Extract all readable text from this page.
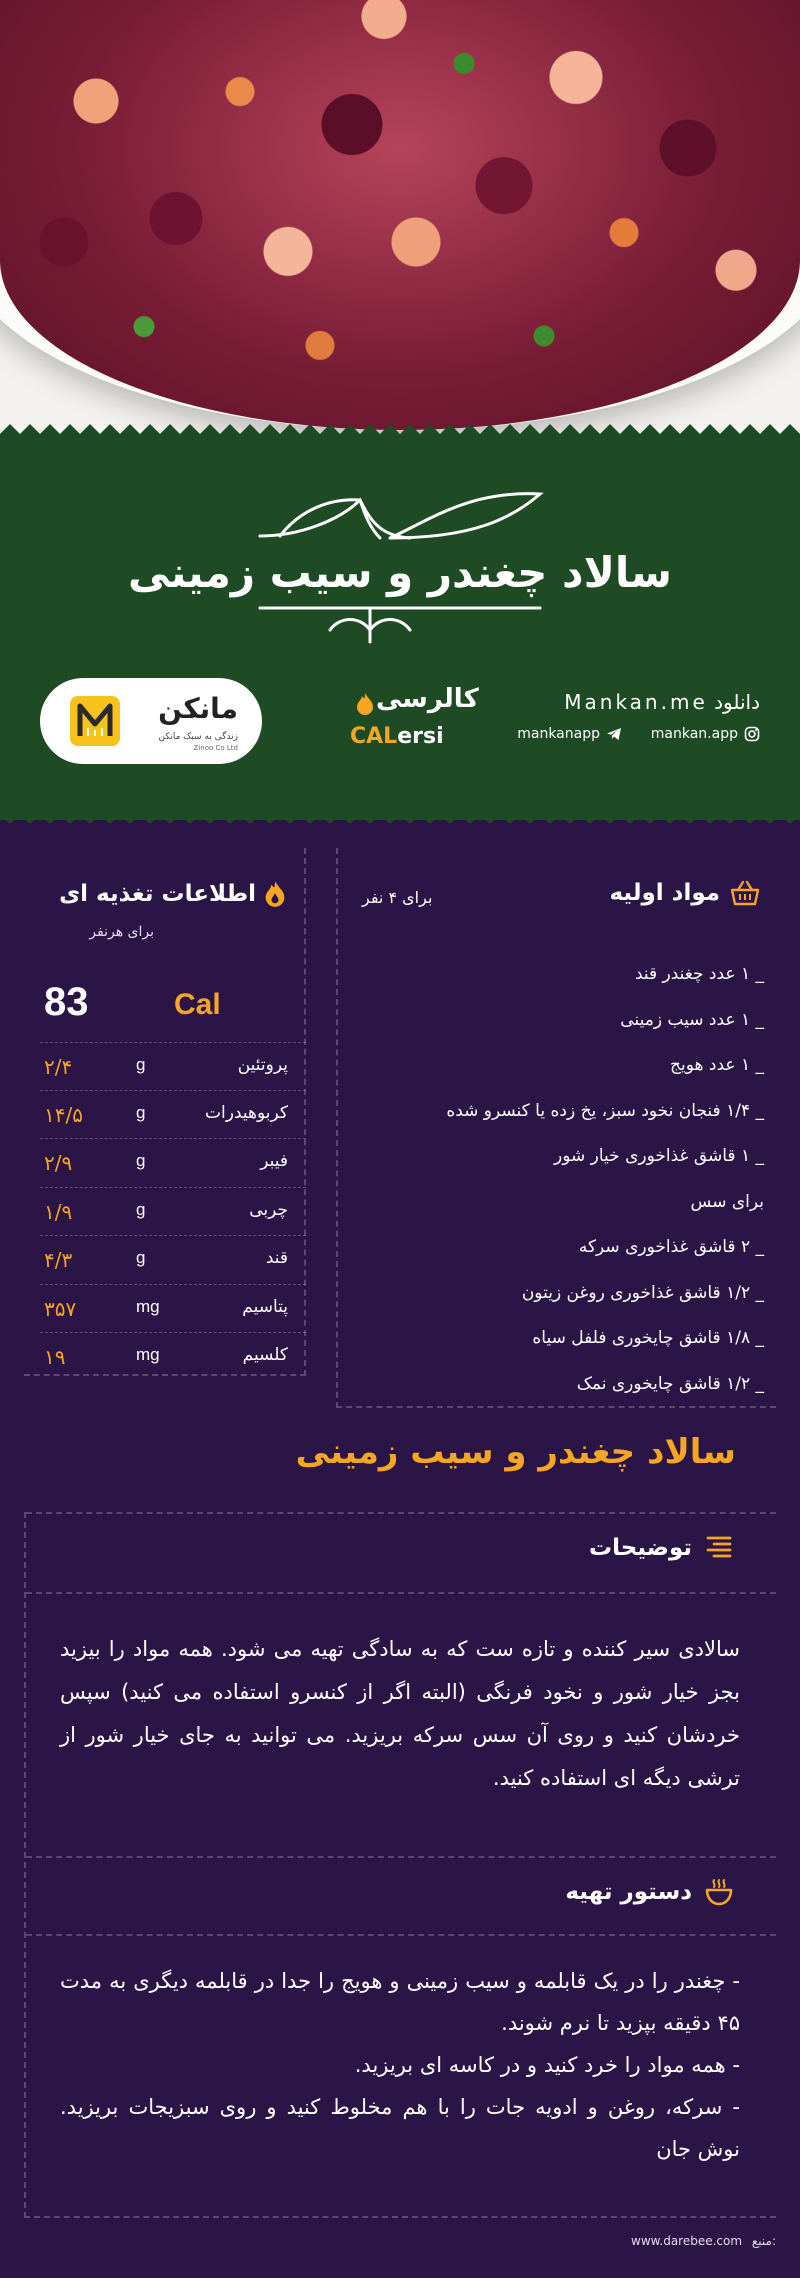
سالاد چغندر و سیب زمینی
مانکن
زندگی به سبک مانکن
Zinoo Co Ltd
کالرسی
CALersi
دانلود Mankan.me
mankan.app
mankanapp
مواد اولیه
برای ۴ نفر
_ ۱ عدد چغندر قند
_ ۱ عدد سیب زمینی
_ ۱ عدد هویج
_ ۱/۴ فنجان نخود سبز، یخ زده یا کنسرو شده
_ ۱ قاشق غذاخوری خیار شور
برای سس
_ ۲ قاشق غذاخوری سرکه
_ ۱/۲ قاشق غذاخوری روغن زیتون
_ ۱/۸ قاشق چایخوری فلفل سیاه
_ ۱/۲ قاشق چایخوری نمک
اطلاعات تغذیه ای
برای هرنفر
83	Cal
۲/۴	g	پروتئین
۱۴/۵	g	کربوهیدرات
۲/۹	g	فیبر
۱/۹	g	چربی
۴/۳	g	قند
۳۵۷	mg	پتاسیم
۱۹	mg	کلسیم
سالاد چغندر و سیب زمینی
توضیحات
سالادی سیر کننده و تازه ست که به سادگی تهیه می شود. همه مواد را بیزید بجز خیار شور و نخود فرنگی (البته اگر از کنسرو استفاده می کنید) سپس خردشان کنید و روی آن سس سرکه بریزید. می توانید به جای خیار شور از ترشی دیگه ای استفاده کنید.
دستور تهیه
- چغندر را در یک قابلمه و سیب زمینی و هویج را جدا در قابلمه دیگری به مدت ۴۵ دقیقه بپزید تا نرم شوند.
- همه مواد را خرد کنید و در کاسه ای بریزید.
- سرکه، روغن و ادویه جات را با هم مخلوط کنید و روی سبزیجات بریزید. نوش جان
www.darebee.com منبع:
